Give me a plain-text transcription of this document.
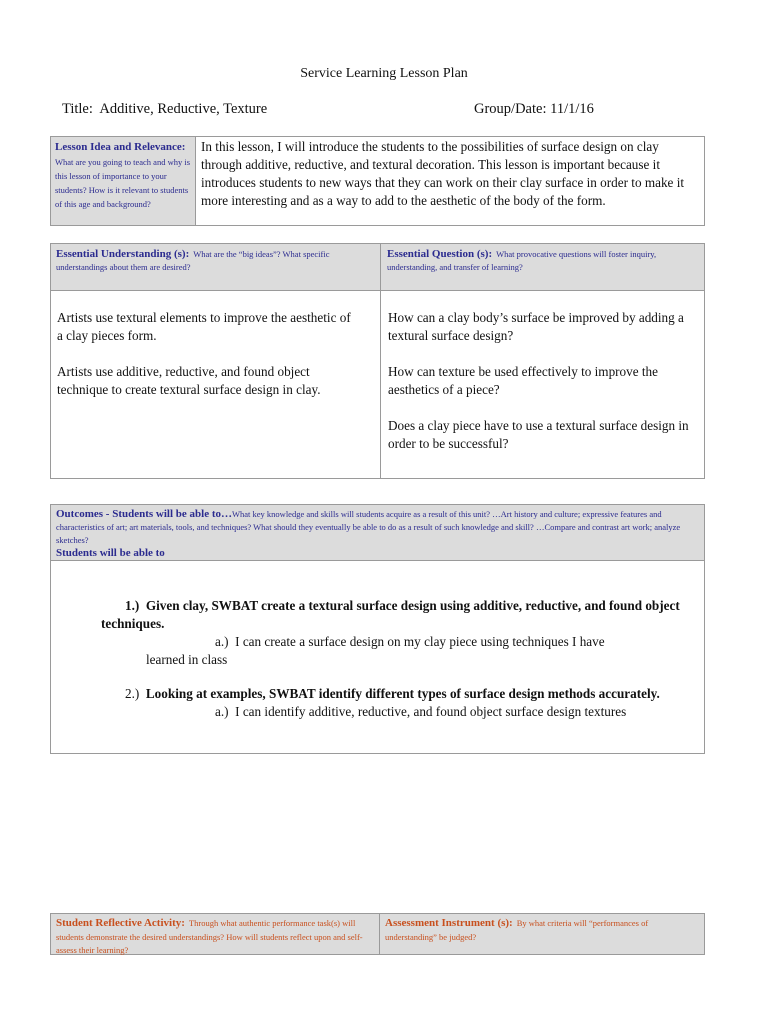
Service Learning Lesson Plan
Title: Additive, Reductive, Texture	Group/Date: 11/1/16
Lesson Idea and Relevance: What are you going to teach and why is this lesson of importance to your students? How is it relevant to students of this age and background?
In this lesson, I will introduce the students to the possibilities of surface design on clay through additive, reductive, and textural decoration. This lesson is important because it introduces students to new ways that they can work on their clay surface in order to make it more interesting and as a way to add to the aesthetic of the body of the form.
Essential Understanding (s): What are the “big ideas”? What specific understandings about them are desired?
Essential Question (s): What provocative questions will foster inquiry, understanding, and transfer of learning?

Artists use textural elements to improve the aesthetic of a clay pieces form.

Artists use additive, reductive, and found object technique to create textural surface design in clay.

How can a clay body’s surface be improved by adding a textural surface design?

How can texture be used effectively to improve the aesthetics of a piece?

Does a clay piece have to use a textural surface design in order to be successful?

Outcomes - Students will be able to…What key knowledge and skills will students acquire as a result of this unit? …Art history and culture; expressive features and characteristics of art; art materials, tools, and techniques? What should they eventually be able to do as a result of such knowledge and skill? …Compare and contrast art work; analyze sketches?
Students will be able to

1.) Given clay, SWBAT create a textural surface design using additive, reductive, and found object techniques.

a.) I can create a surface design on my clay piece using techniques I have

learned in class

2.) Looking at examples, SWBAT identify different types of surface design methods accurately.

a.) I can identify additive, reductive, and found object surface design textures

Student Reflective Activity: Through what authentic performance task(s) will students demonstrate the desired understandings? How will students reflect upon and self-assess their learning?
Assessment Instrument (s): By what criteria will “performances of understanding” be judged?
